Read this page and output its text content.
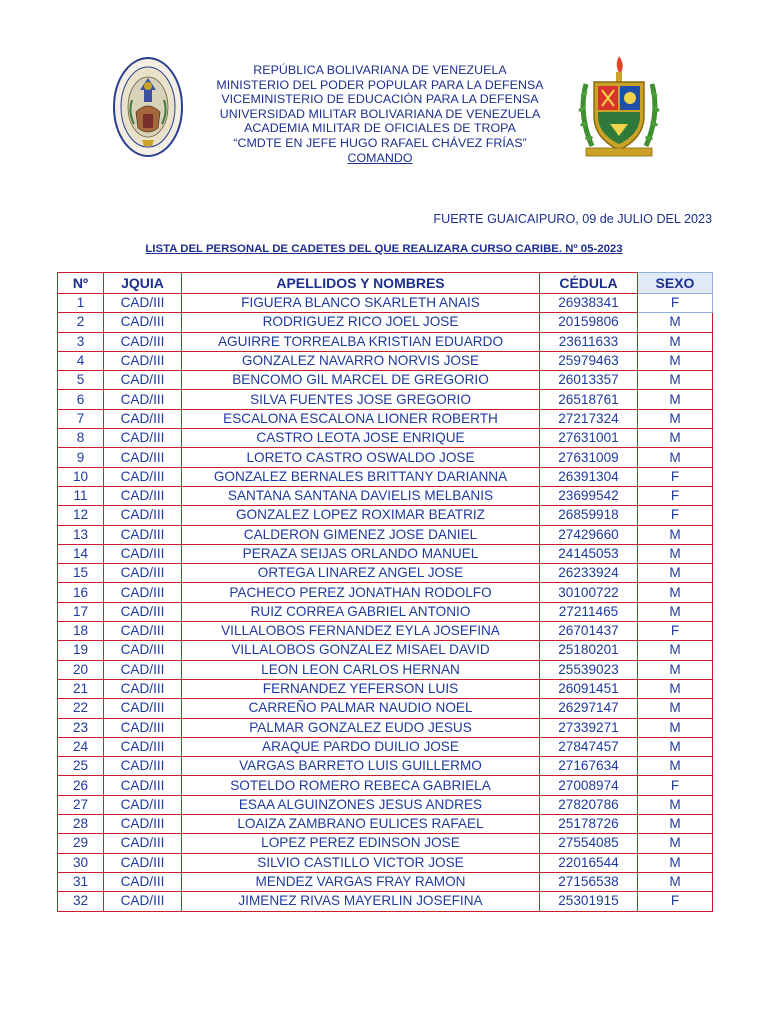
REPÚBLICA BOLIVARIANA DE VENEZUELA
MINISTERIO DEL PODER POPULAR PARA LA DEFENSA
VICEMINISTERIO DE EDUCACIÓN PARA LA DEFENSA
UNIVERSIDAD MILITAR BOLIVARIANA DE VENEZUELA
ACADEMIA MILITAR DE OFICIALES DE TROPA
“CMDTE EN JEFE HUGO RAFAEL CHÁVEZ FRÍAS”
COMANDO
FUERTE GUAICAIPURO, 09 de JULIO DEL 2023
LISTA DEL PERSONAL DE CADETES DEL QUE REALIZARA CURSO CARIBE. Nº 05-2023
Nº	JQUIA	APELLIDOS Y NOMBRES	CÉDULA	SEXO
1	CAD/III	FIGUERA BLANCO SKARLETH ANAIS	26938341	F
2	CAD/III	RODRIGUEZ RICO JOEL JOSE	20159806	M
3	CAD/III	AGUIRRE TORREALBA KRISTIAN EDUARDO	23611633	M
4	CAD/III	GONZALEZ NAVARRO NORVIS JOSE	25979463	M
5	CAD/III	BENCOMO GIL MARCEL DE GREGORIO	26013357	M
6	CAD/III	SILVA FUENTES JOSE GREGORIO	26518761	M
7	CAD/III	ESCALONA ESCALONA LIONER ROBERTH	27217324	M
8	CAD/III	CASTRO LEOTA JOSE ENRIQUE	27631001	M
9	CAD/III	LORETO CASTRO OSWALDO JOSE	27631009	M
10	CAD/III	GONZALEZ BERNALES BRITTANY DARIANNA	26391304	F
11	CAD/III	SANTANA SANTANA DAVIELIS MELBANIS	23699542	F
12	CAD/III	GONZALEZ LOPEZ ROXIMAR BEATRIZ	26859918	F
13	CAD/III	CALDERON GIMENEZ JOSE DANIEL	27429660	M
14	CAD/III	PERAZA SEIJAS ORLANDO MANUEL	24145053	M
15	CAD/III	ORTEGA LINAREZ ANGEL JOSE	26233924	M
16	CAD/III	PACHECO PEREZ JONATHAN RODOLFO	30100722	M
17	CAD/III	RUIZ CORREA GABRIEL ANTONIO	27211465	M
18	CAD/III	VILLALOBOS FERNANDEZ EYLA JOSEFINA	26701437	F
19	CAD/III	VILLALOBOS GONZALEZ MISAEL DAVID	25180201	M
20	CAD/III	LEON LEON CARLOS HERNAN	25539023	M
21	CAD/III	FERNANDEZ YEFERSON LUIS	26091451	M
22	CAD/III	CARREÑO PALMAR NAUDIO NOEL	26297147	M
23	CAD/III	PALMAR GONZALEZ EUDO JESUS	27339271	M
24	CAD/III	ARAQUE PARDO DUILIO JOSE	27847457	M
25	CAD/III	VARGAS BARRETO LUIS GUILLERMO	27167634	M
26	CAD/III	SOTELDO ROMERO REBECA GABRIELA	27008974	F
27	CAD/III	ESAA ALGUINZONES JESUS ANDRES	27820786	M
28	CAD/III	LOAIZA ZAMBRANO EULICES RAFAEL	25178726	M
29	CAD/III	LOPEZ PEREZ EDINSON JOSE	27554085	M
30	CAD/III	SILVIO CASTILLO VICTOR JOSE	22016544	M
31	CAD/III	MENDEZ VARGAS FRAY RAMON	27156538	M
32	CAD/III	JIMENEZ RIVAS MAYERLIN JOSEFINA	25301915	F
